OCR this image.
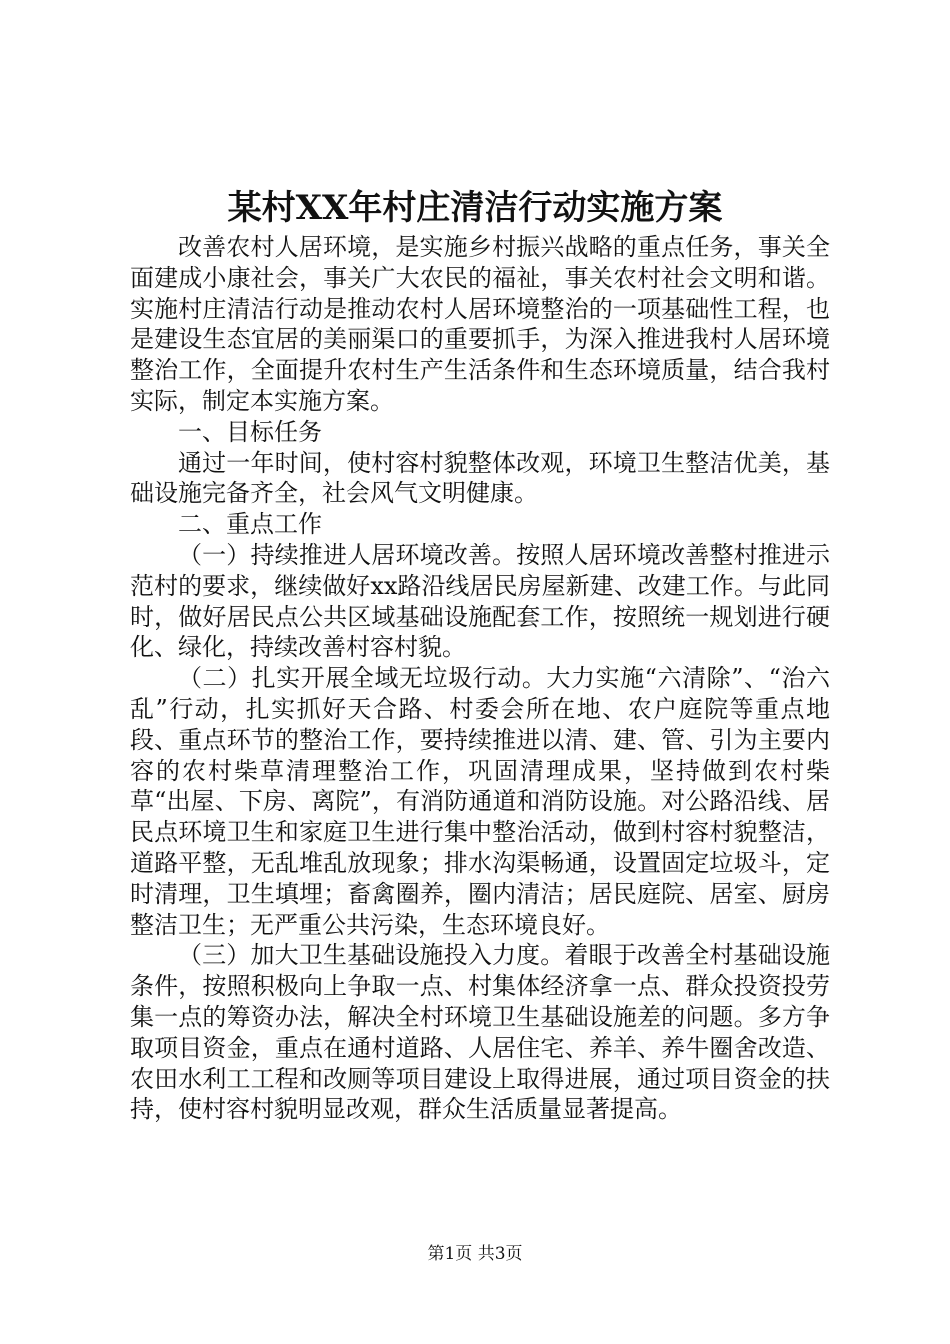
某村XX年村庄清洁行动实施方案

改善农村人居环境，是实施乡村振兴战略的重点任务，事关全面建成小康社会，事关广大农民的福祉，事关农村社会文明和谐。实施村庄清洁行动是推动农村人居环境整治的一项基础性工程，也是建设生态宜居的美丽渠口的重要抓手，为深入推进我村人居环境整治工作，全面提升农村生产生活条件和生态环境质量，结合我村实际，制定本实施方案。

一、目标任务

通过一年时间，使村容村貌整体改观，环境卫生整洁优美，基础设施完备齐全，社会风气文明健康。

二、重点工作

（一）持续推进人居环境改善。按照人居环境改善整村推进示范村的要求，继续做好xx路沿线居民房屋新建、改建工作。与此同时，做好居民点公共区域基础设施配套工作，按照统一规划进行硬化、绿化，持续改善村容村貌。

（二）扎实开展全域无垃圾行动。大力实施“六清除”、“治六乱”行动，扎实抓好天合路、村委会所在地、农户庭院等重点地段、重点环节的整治工作，要持续推进以清、建、管、引为主要内容的农村柴草清理整治工作，巩固清理成果，坚持做到农村柴草“出屋、下房、离院”，有消防通道和消防设施。对公路沿线、居民点环境卫生和家庭卫生进行集中整治活动，做到村容村貌整洁，道路平整，无乱堆乱放现象；排水沟渠畅通，设置固定垃圾斗，定时清理，卫生填埋；畜禽圈养，圈内清洁；居民庭院、居室、厨房整洁卫生；无严重公共污染，生态环境良好。

（三）加大卫生基础设施投入力度。着眼于改善全村基础设施条件，按照积极向上争取一点、村集体经济拿一点、群众投资投劳集一点的筹资办法，解决全村环境卫生基础设施差的问题。多方争取项目资金，重点在通村道路、人居住宅、养羊、养牛圈舍改造、农田水利工工程和改厕等项目建设上取得进展，通过项目资金的扶持，使村容村貌明显改观，群众生活质量显著提高。

第1页 共3页
